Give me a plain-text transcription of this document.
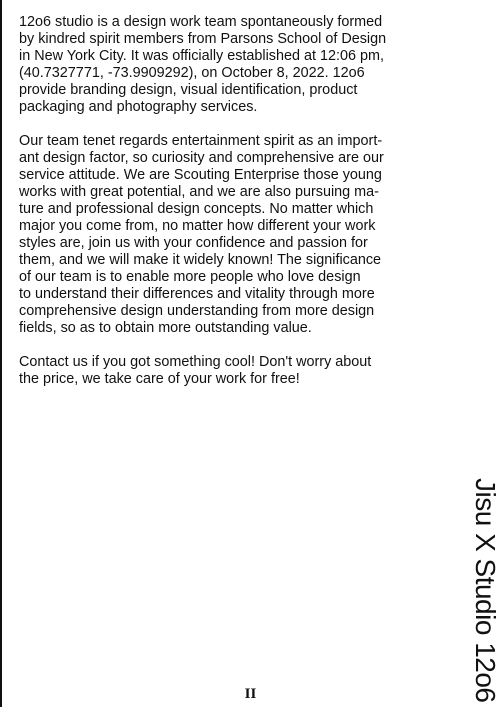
12o6 studio is a design work team spontaneously formed
by kindred spirit members from Parsons School of Design
in New York City. It was officially established at 12:06 pm,
(40.7327771, -73.9909292), on October 8, 2022. 12o6
provide branding design, visual identification, product
packaging and photography services.

Our team tenet regards entertainment spirit as an import-
ant design factor, so curiosity and comprehensive are our
service attitude. We are Scouting Enterprise those young
works with great potential, and we are also pursuing ma-
ture and professional design concepts. No matter which
major you come from, no matter how different your work
styles are, join us with your confidence and passion for
them, and we will make it widely known! The significance
of our team is to enable more people who love design
to understand their differences and vitality through more
comprehensive design understanding from more design
fields, so as to obtain more outstanding value.

Contact us if you got something cool! Don't worry about
the price, we take care of your work for free!

Jisu X Studio 12o6
II
